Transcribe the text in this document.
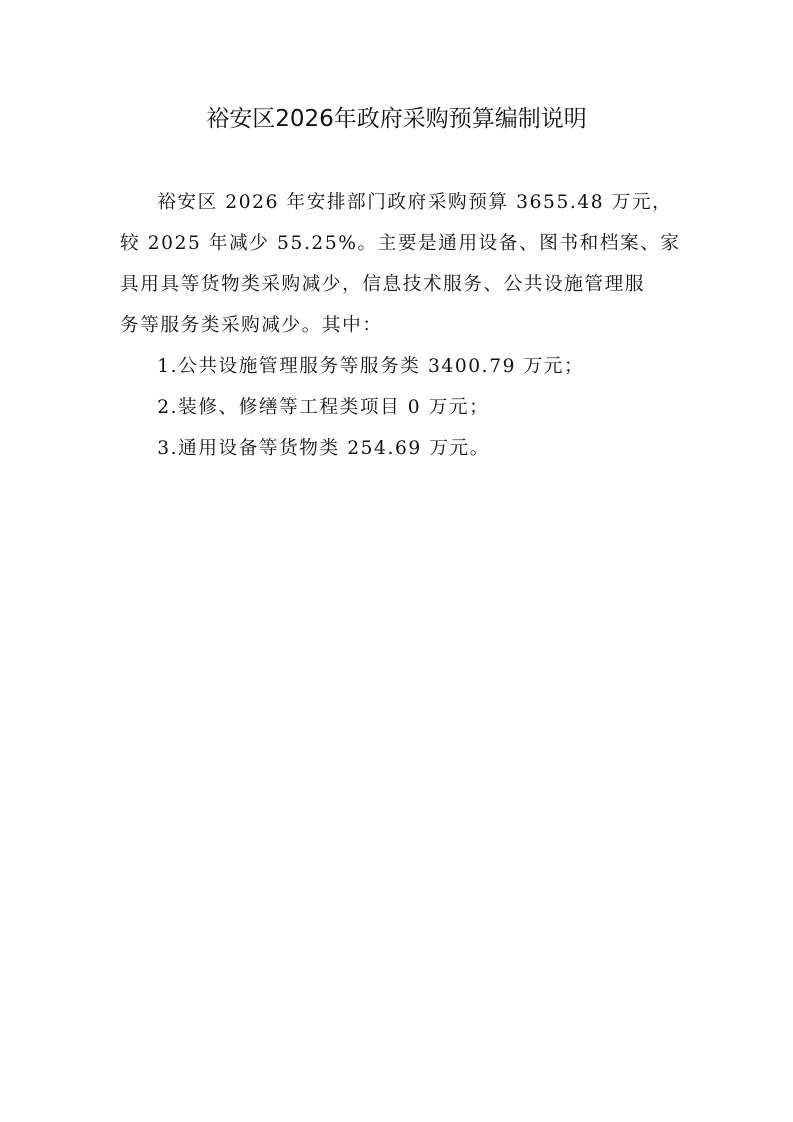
裕安区2026年政府采购预算编制说明

裕安区 2026 年安排部门政府采购预算 3655.48 万元，
较 2025 年减少 55.25%。主要是通用设备、图书和档案、家
具用具等货物类采购减少，信息技术服务、公共设施管理服
务等服务类采购减少。其中：

1.公共设施管理服务等服务类 3400.79 万元；

2.装修、修缮等工程类项目 0 万元；

3.通用设备等货物类 254.69 万元。
